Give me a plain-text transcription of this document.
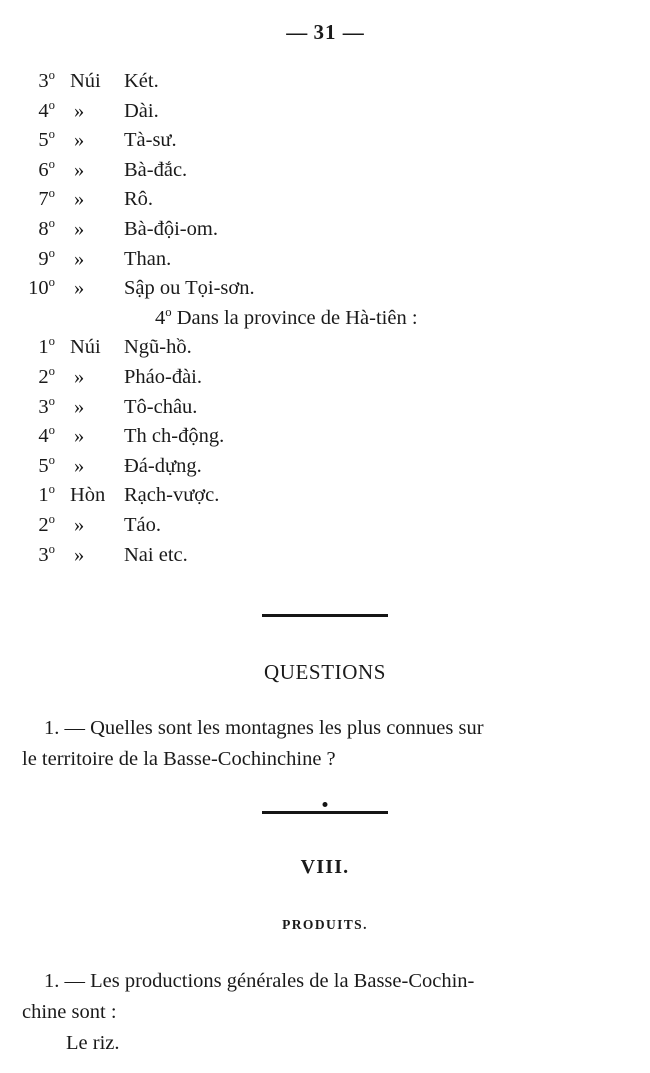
— 31 —
3$^o$ Núi	Két.
4$^o$ »	Dài.
5$^o$ »	Tà-sư.
6$^o$ »	Bà-đắc.
7$^o$ »	Rô.
8$^o$ »	Bà-đội-om.
9$^o$ »	Than.
10$^o$ »	Sập ou Tọi-sơn.
4$^o$ Dans la province de Hà-tiên :
1$^o$ Núi	Ngũ-hồ.
2$^o$ »	Pháo-đài.
3$^o$ »	Tô-châu.
4$^o$ »	Th ch-động.
5$^o$ »	Đá-dựng.
1$^o$ Hòn Rạch-vược.
2$^o$ »	Táo.
3$^o$ »	Nai etc.
QUESTIONS
1. — Quelles sont les montagnes les plus connues sur
le territoire de la Basse-Cochinchine ?
VIII.
PRODUITS.
1. — Les productions générales de la Basse-Cochin-
chine sont :
Le riz.
